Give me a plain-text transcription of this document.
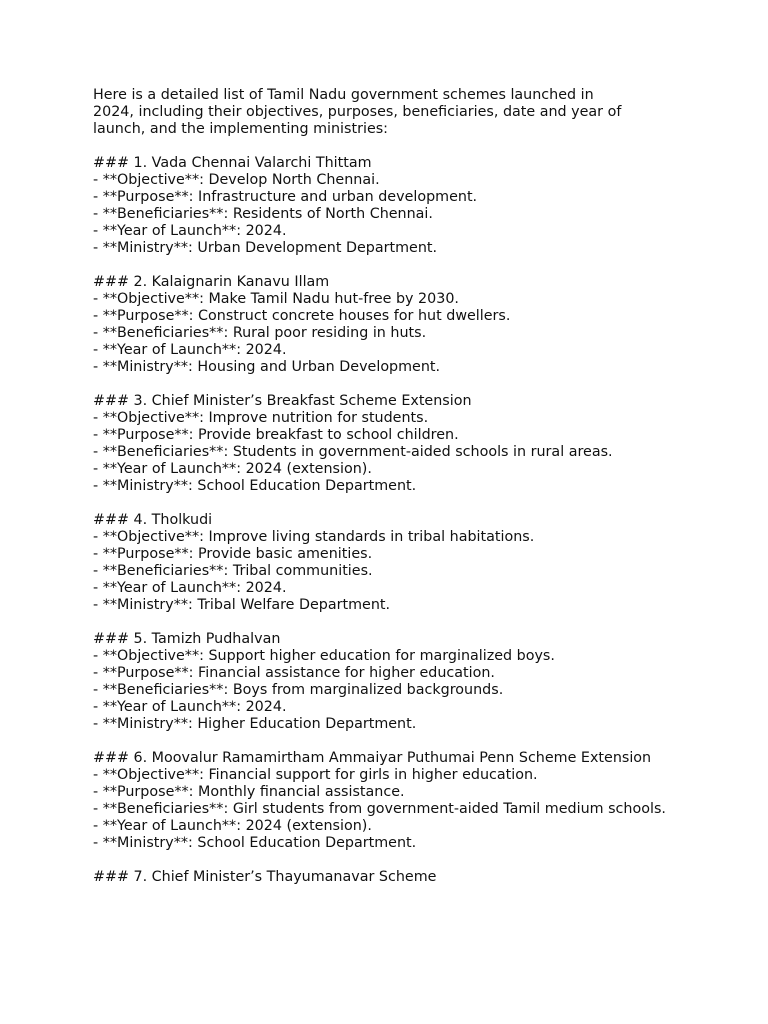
Here is a detailed list of Tamil Nadu government schemes launched in
2024, including their objectives, purposes, beneficiaries, date and year of
launch, and the implementing ministries:

### 1. Vada Chennai Valarchi Thittam

- **Objective**: Develop North Chennai.

- **Purpose**: Infrastructure and urban development.

- **Beneficiaries**: Residents of North Chennai.

- **Year of Launch**: 2024.

- **Ministry**: Urban Development Department.

### 2. Kalaignarin Kanavu Illam

- **Objective**: Make Tamil Nadu hut-free by 2030.

- **Purpose**: Construct concrete houses for hut dwellers.

- **Beneficiaries**: Rural poor residing in huts.

- **Year of Launch**: 2024.

- **Ministry**: Housing and Urban Development.

### 3. Chief Minister’s Breakfast Scheme Extension

- **Objective**: Improve nutrition for students.

- **Purpose**: Provide breakfast to school children.

- **Beneficiaries**: Students in government-aided schools in rural areas.

- **Year of Launch**: 2024 (extension).

- **Ministry**: School Education Department.

### 4. Tholkudi

- **Objective**: Improve living standards in tribal habitations.

- **Purpose**: Provide basic amenities.

- **Beneficiaries**: Tribal communities.

- **Year of Launch**: 2024.

- **Ministry**: Tribal Welfare Department.

### 5. Tamizh Pudhalvan

- **Objective**: Support higher education for marginalized boys.

- **Purpose**: Financial assistance for higher education.

- **Beneficiaries**: Boys from marginalized backgrounds.

- **Year of Launch**: 2024.

- **Ministry**: Higher Education Department.

### 6. Moovalur Ramamirtham Ammaiyar Puthumai Penn Scheme Extension

- **Objective**: Financial support for girls in higher education.

- **Purpose**: Monthly financial assistance.

- **Beneficiaries**: Girl students from government-aided Tamil medium schools.

- **Year of Launch**: 2024 (extension).

- **Ministry**: School Education Department.

### 7. Chief Minister’s Thayumanavar Scheme
